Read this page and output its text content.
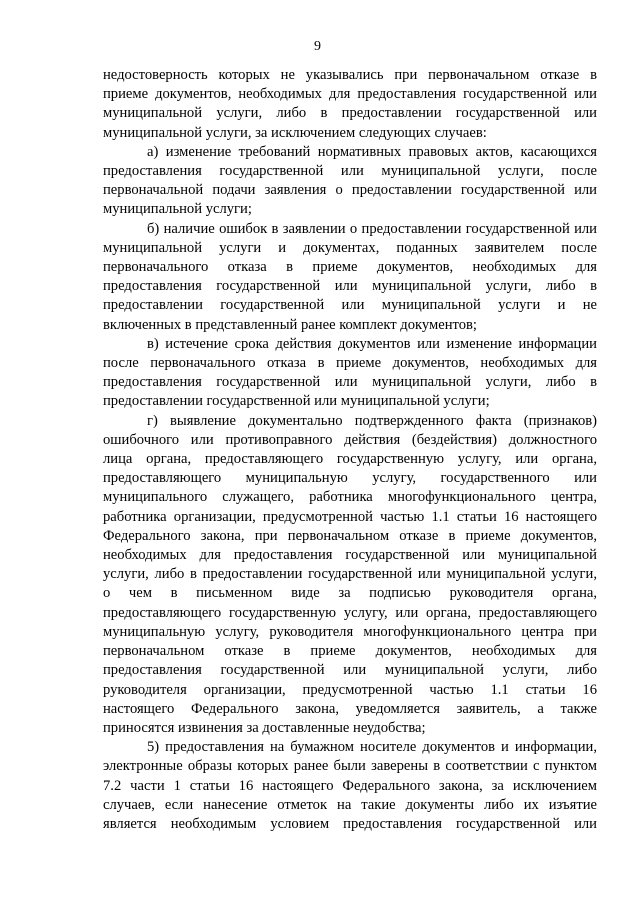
9
недостоверность которых не указывались при первоначальном отказе в
приеме документов, необходимых для предоставления государственной или
муниципальной услуги, либо в предоставлении государственной или
муниципальной услуги, за исключением следующих случаев:
а) изменение требований нормативных правовых актов, касающихся
предоставления государственной или муниципальной услуги, после
первоначальной подачи заявления о предоставлении государственной или
муниципальной услуги;
б) наличие ошибок в заявлении о предоставлении государственной или
муниципальной услуги и документах, поданных заявителем после
первоначального отказа в приеме документов, необходимых для
предоставления государственной или муниципальной услуги, либо в
предоставлении государственной или муниципальной услуги и не
включенных в представленный ранее комплект документов;
в) истечение срока действия документов или изменение информации
после первоначального отказа в приеме документов, необходимых для
предоставления государственной или муниципальной услуги, либо в
предоставлении государственной или муниципальной услуги;
г) выявление документально подтвержденного факта (признаков)
ошибочного или противоправного действия (бездействия) должностного
лица органа, предоставляющего государственную услугу, или органа,
предоставляющего муниципальную услугу, государственного или
муниципального служащего, работника многофункционального центра,
работника организации, предусмотренной частью 1.1 статьи 16 настоящего
Федерального закона, при первоначальном отказе в приеме документов,
необходимых для предоставления государственной или муниципальной
услуги, либо в предоставлении государственной или муниципальной услуги,
о чем в письменном виде за подписью руководителя органа,
предоставляющего государственную услугу, или органа, предоставляющего
муниципальную услугу, руководителя многофункционального центра при
первоначальном отказе в приеме документов, необходимых для
предоставления государственной или муниципальной услуги, либо
руководителя организации, предусмотренной частью 1.1 статьи 16
настоящего Федерального закона, уведомляется заявитель, а также
приносятся извинения за доставленные неудобства;
5) предоставления на бумажном носителе документов и информации,
электронные образы которых ранее были заверены в соответствии с пунктом
7.2 части 1 статьи 16 настоящего Федерального закона, за исключением
случаев, если нанесение отметок на такие документы либо их изъятие
является необходимым условием предоставления государственной или
